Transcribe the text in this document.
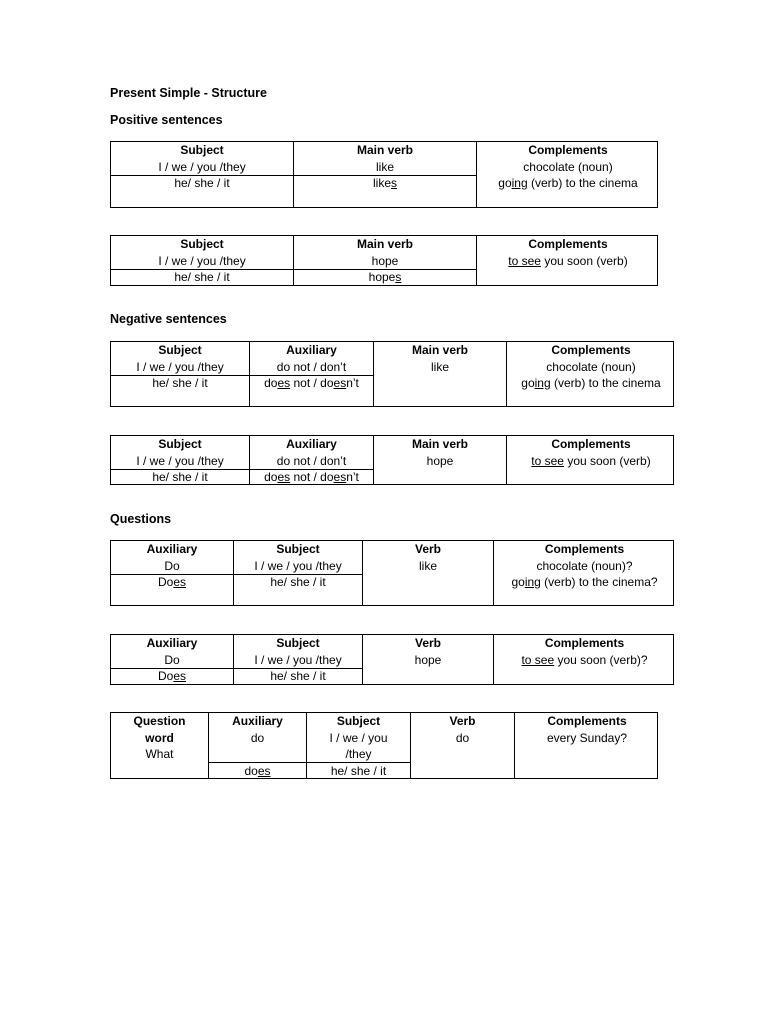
Present Simple - Structure
Positive sentences
Subject
I / we / you /they
he/ she / it
Main verb
like
likes
Complements
chocolate (noun)
going (verb) to the cinema
Subject
I / we / you /they
he/ she / it
Main verb
hope
hopes
Complements
to see you soon (verb)
Negative sentences
Subject
I / we / you /they
he/ she / it
Auxiliary
do not / don’t
does not / doesn’t
Main verb
like
Complements
chocolate (noun)
going (verb) to the cinema
Subject
I / we / you /they
he/ she / it
Auxiliary
do not / don’t
does not / doesn’t
Main verb
hope
Complements
to see you soon (verb)
Questions
Auxiliary
Do
Does
Subject
I / we / you /they
he/ she / it
Verb
like
Complements
chocolate (noun)?
going (verb) to the cinema?
Auxiliary
Do
Does
Subject
I / we / you /they
he/ she / it
Verb
hope
Complements
to see you soon (verb)?
Question
word
What
Auxiliary
do

does
Subject
I / we / you
/they
he/ she / it
Verb
do
Complements
every Sunday?
